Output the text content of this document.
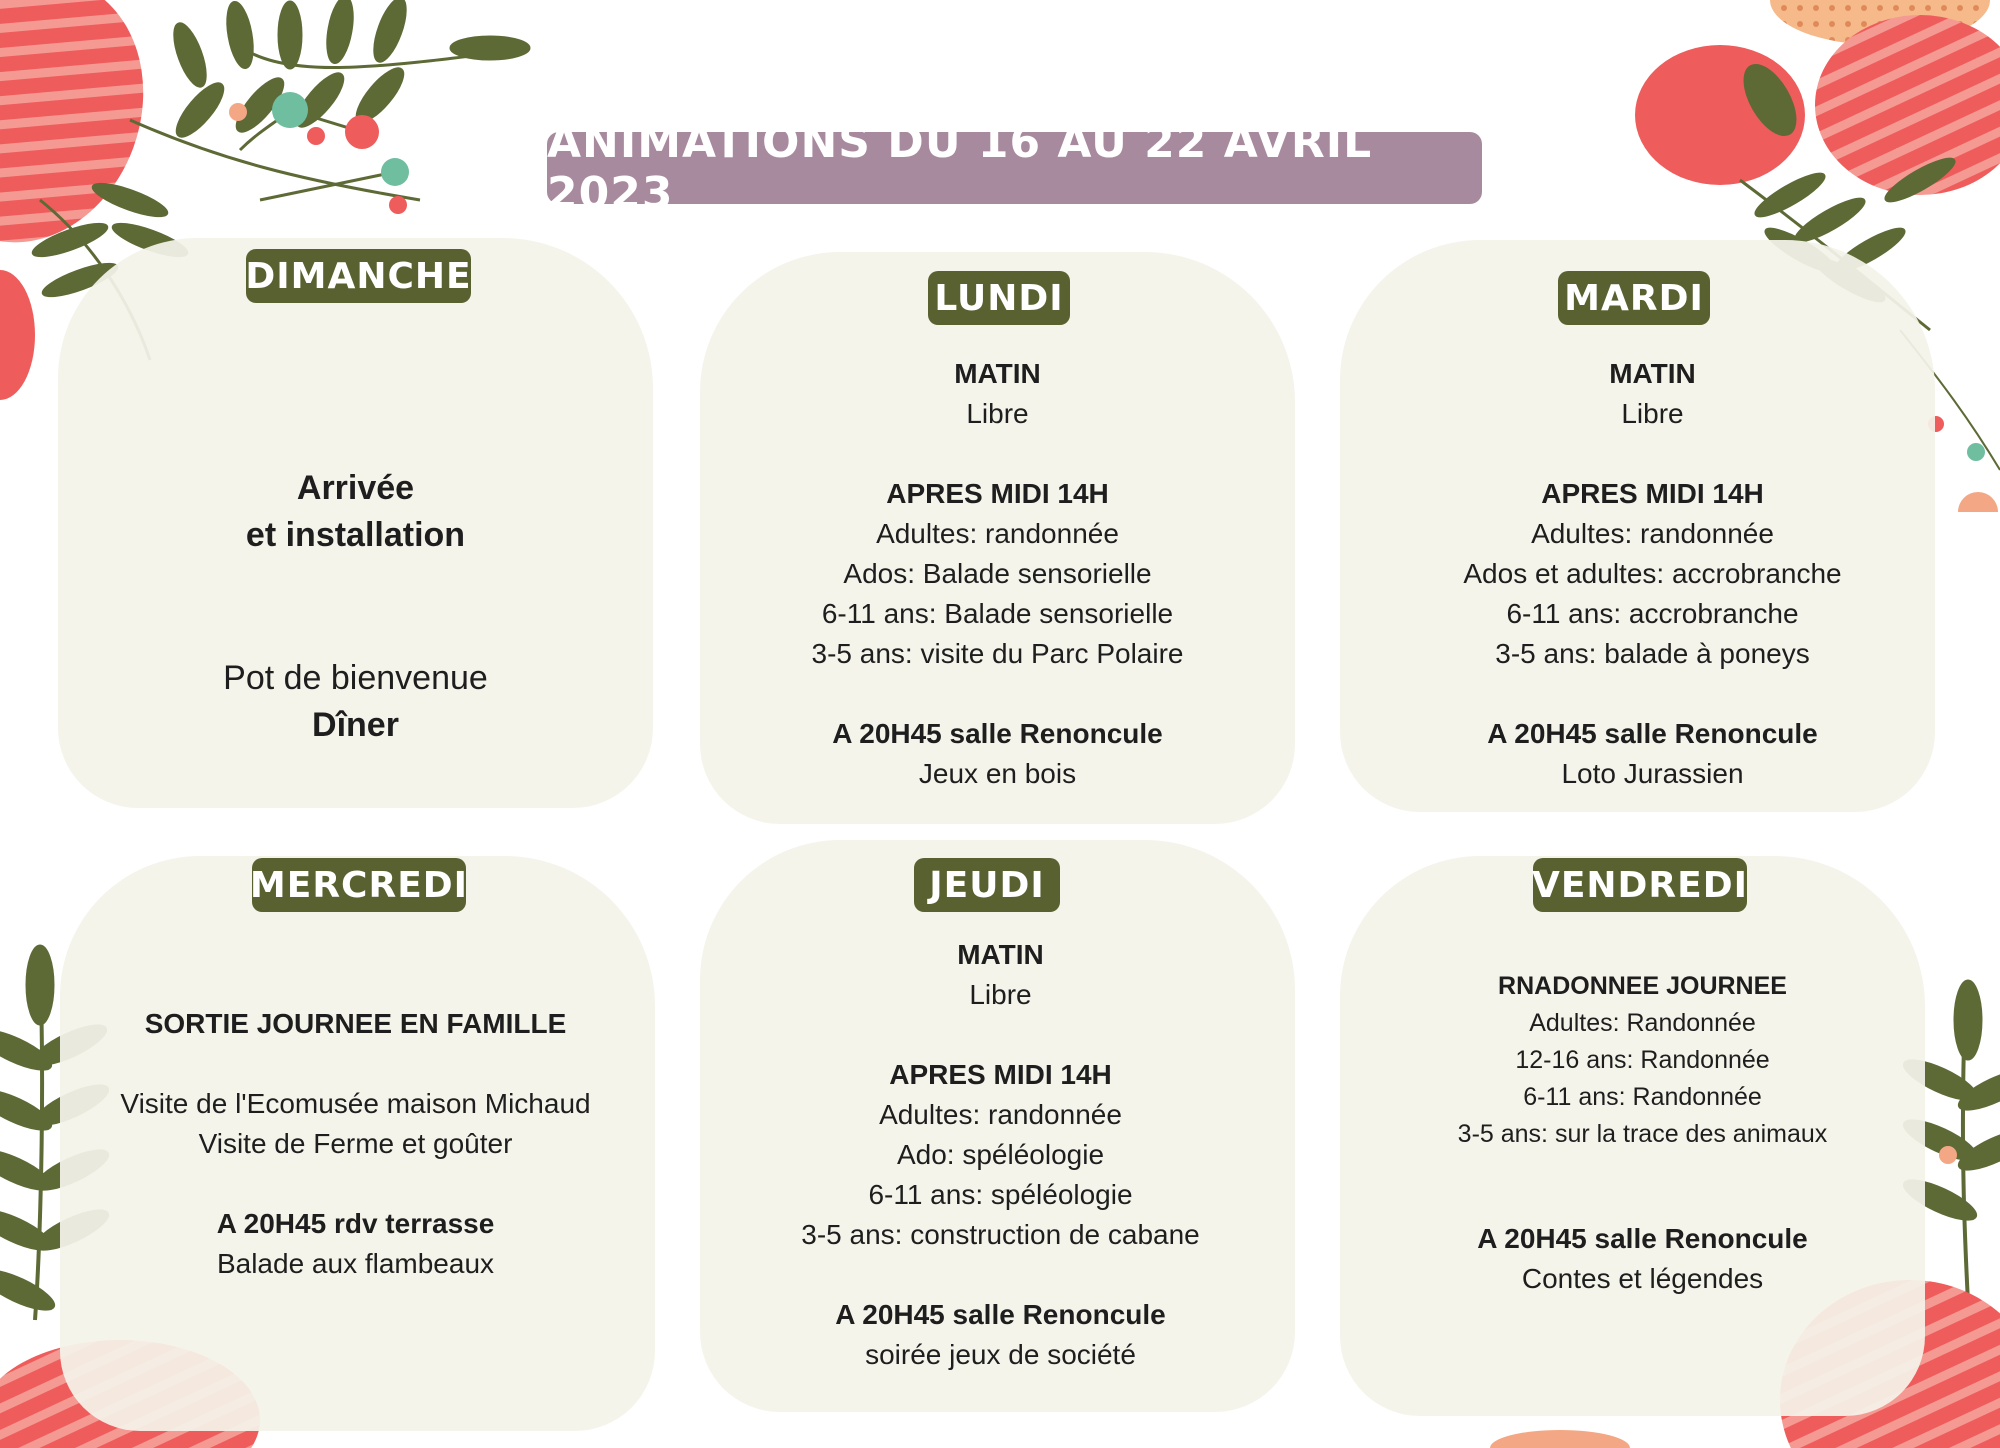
ANIMATIONS DU 16 AU 22 AVRIL 2023
DIMANCHE
Arrivée
et installation
Pot de bienvenue
Dîner
LUNDI
MATIN
Libre
APRES MIDI 14H
Adultes: randonnée
Ados: Balade sensorielle
6-11 ans: Balade sensorielle
3-5 ans: visite du Parc Polaire
A 20H45 salle Renoncule
Jeux en bois
MARDI
MATIN
Libre
APRES MIDI 14H
Adultes: randonnée
Ados et adultes: accrobranche
6-11 ans: accrobranche
3-5 ans: balade à poneys
A 20H45 salle Renoncule
Loto Jurassien
MERCREDI
SORTIE JOURNEE EN FAMILLE
Visite de l'Ecomusée maison Michaud
Visite de Ferme et goûter
A 20H45 rdv terrasse
Balade aux flambeaux
JEUDI
MATIN
Libre
APRES MIDI 14H
Adultes: randonnée
Ado: spéléologie
6-11 ans: spéléologie
3-5 ans: construction de cabane
A 20H45 salle Renoncule
soirée jeux de société
VENDREDI
RNADONNEE JOURNEE
Adultes: Randonnée
12-16 ans: Randonnée
6-11 ans: Randonnée
3-5 ans: sur la trace des animaux
A 20H45 salle Renoncule
Contes et légendes
